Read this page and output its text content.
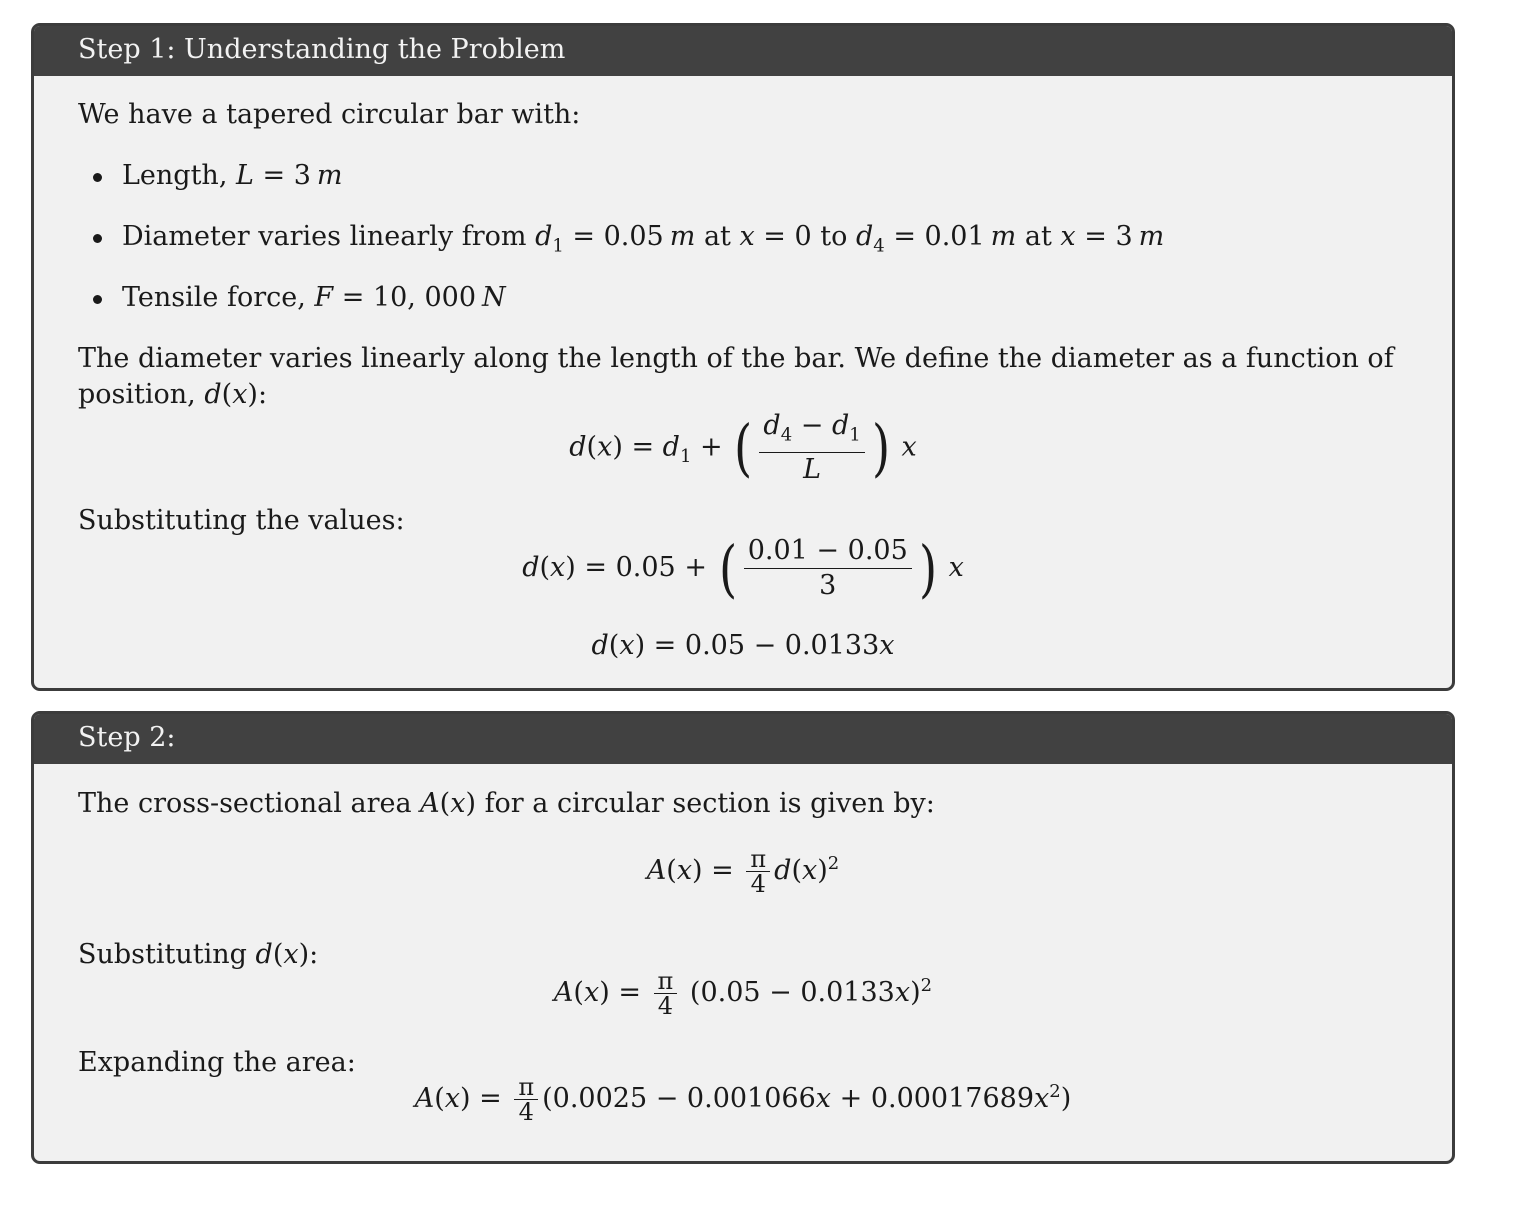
Step 1: Understanding the Problem
We have a tapered circular bar with:
Length, L = 3 m
Diameter varies linearly from $d_1 = 0.05$ m at x = 0 to $d_4 = 0.01$ m at x = 3 m
Tensile force, F = 10, 000 N
The diameter varies linearly along the length of the bar. We define the diameter as a function of
position, d(x):
$d(x) = d_1$ + ( $\frac{d_4 - d_1}{L}$ ) x
Substituting the values:
d(x) = 0.05 + ( $\frac{0.01 - 0.05}{3}$ ) x
d(x) = 0.05 − 0.0133x
Step 2:
The cross-sectional area A(x) for a circular section is given by:
$A(x) = \frac{\pi}{4} d(x)^2$
Substituting d(x):
$A(x) = \frac{\pi}{4} (0.05 - 0.0133x)^2$
Expanding the area:
$A(x) = \frac{\pi}{4} (0.0025 - 0.001066x + 0.00017689x^2)$
